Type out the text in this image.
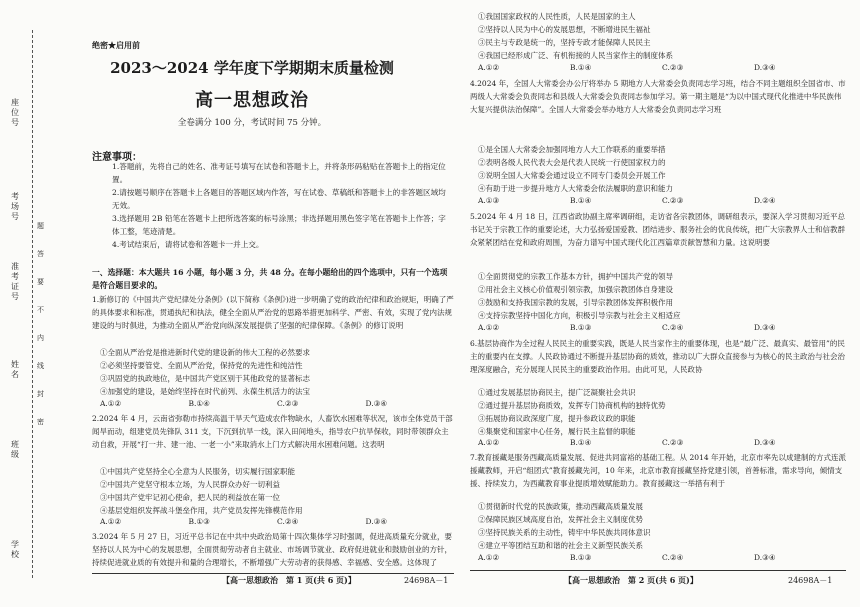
学校
班级
姓名
准考证号
考场号
座位号
密
封
线
内
不
要
答
题
绝密★启用前
2023～2024 学年度下学期期末质量检测
高一思想政治
全卷满分 100 分，考试时间 75 分钟。
注意事项：
1.答题前，先将自己的姓名、准考证号填写在试卷和答题卡上，并将条形码粘贴在答题卡上的指定位置。
2.请按题号顺序在答题卡上各题目的答题区域内作答，写在试卷、草稿纸和答题卡上的非答题区域均无效。
3.选择题用 2B 铅笔在答题卡上把所选答案的标号涂黑；非选择题用黑色签字笔在答题卡上作答；字体工整，笔迹清楚。
4.考试结束后，请将试卷和答题卡一并上交。
一、选择题：本大题共 16 小题，每小题 3 分，共 48 分。在每小题给出的四个选项中，只有一个选项是符合题目要求的。
1.新修订的《中国共产党纪律处分条例》(以下简称《条例》)进一步明确了党的政治纪律和政治规矩，明确了严的具体要求和标准，贯通执纪和执法，健全全面从严治党的思路举措更加科学、严密、有效，实现了党内法规建设的与时俱进，为推动全面从严治党向纵深发展提供了坚强的纪律保障。《条例》的修订说明
①全面从严治党是推进新时代党的建设新的伟大工程的必然要求
②必须坚持要管党、全面从严治党，保持党的先进性和纯洁性
③巩固党的执政地位，是中国共产党区别于其他政党的显著标志
④加强党的建设，是始终坚持在时代前列、永葆生机活力的法宝
A.①②	B.①④	C.②③	D.③④
2.2024 年 4 月，云南省弥勒市持续高温干旱天气造成农作物缺水，人畜饮水困难等状况，该市全体党员干部闻旱而动，组建党员先锋队 311 支，下沉到抗旱一线，深入田间地头，指导农户抗旱保收，同时带领群众主动自救，开展“打一井、建一池、一老一小”来取消水上门方式解决用水困难问题。这表明
①中国共产党坚持全心全意为人民服务，切实履行国家职能
②中国共产党坚守根本立场，为人民群众办好一切利益
③中国共产党牢记初心使命，把人民的利益放在第一位
④基层党组织发挥战斗堡垒作用，共产党员发挥先锋模范作用
A.①②	B.①③	C.②④	D.③④
3.2024 年 5 月 27 日，习近平总书记在中共中央政治局第十四次集体学习时强调，促进高质量充分就业，要坚持以人民为中心的发展思想，全面贯彻劳动者自主就业、市场调节就业、政府促进就业和鼓励创业的方针，持续促进就业质的有效提升和量的合理增长，不断增强广大劳动者的获得感、幸福感、安全感。这体现了
【高一思想政治　第 1 页(共 6 页)】	24698A－1
①我国国家政权的人民性质，人民是国家的主人
②坚持以人民为中心的发展思想，不断增进民生福祉
③民主与专政是统一的，坚持专政才能保障人民民主
④我国已经形成广泛、有机衔接的人民当家作主的制度体系
A.①②	B.①④	C.②③	D.③④
4.2024 年，全国人大常委会办公厅将举办 5 期地方人大常委会负责同志学习班，结合不同主题组织全国省市、市两级人大常委会负责同志和县级人大常委会负责同志参加学习。第一期主题是“为以中国式现代化推进中华民族伟大复兴提供法治保障”。全国人大常委会举办地方人大常委会负责同志学习班
①是全国人大常委会加强同地方人大工作联系的重要举措
②表明各级人民代表大会是代表人民统一行使国家权力的
③说明全国人大常委会通过设立不同专门委员会开展工作
④有助于进一步提升地方人大常委会依法履职的意识和能力
A.①③	B.①④	C.②③	D.②④
5.2024 年 4 月 18 日，江西省政协副主席率调研组，走访省各宗教团体，调研组表示，要深入学习贯彻习近平总书记关于宗教工作的重要论述，大力弘扬爱国爱教、团结进步、服务社会的优良传统，把广大宗教界人士和信教群众紧紧团结在党和政府周围，为奋力谱写中国式现代化江西篇章贡献智慧和力量。这说明要
①全面贯彻党的宗教工作基本方针，拥护中国共产党的领导
②用社会主义核心价值观引领宗教，加强宗教团体自身建设
③鼓励和支持我国宗教的发展，引导宗教团体发挥积极作用
④支持宗教坚持中国化方向，积极引导宗教与社会主义相适应
A.①②	B.①③	C.②④	D.③④
6.基层协商作为全过程人民民主的重要实践，既是人民当家作主的重要体现，也是“最广泛、最真实、最管用”的民主的重要内在支撑。人民政协通过不断提升基层协商的质效，推动以广大群众直接参与为核心的民主政治与社会治理深度融合，充分展现人民民主的重要政治作用。由此可见，人民政协
①通过发展基层协商民主，提广泛凝聚社会共识
②通过提升基层协商质效，发挥专门协商机构的独特优势
③拓展协商议政深度广度，提升参政议政的职能
④集聚党和国家中心任务，履行民主监督的职能
A.①②	B.①④	C.②③	D.③④
7.教育援藏是服务西藏高质量发展、促进共同富裕的基础工程。从 2014 年开始，北京市率先以成建制的方式连派援藏教师，开启“组团式”教育援藏先河，10 年来，北京市教育援藏坚持党建引领，首善标准，需求导向，倾情支援、持续发力，为西藏教育事业提质增效赋能助力。教育援藏这一举措有利于
①贯彻新时代党的民族政策，推动西藏高质量发展
②保障民族区域高度自治，发挥社会主义制度优势
③坚持民族关系的主动性，铸牢中华民族共同体意识
④建立平等团结互助和谐的社会主义新型民族关系
A.①②	B.①③	C.②④	D.③④
【高一思想政治　第 2 页(共 6 页)】	24698A－1
